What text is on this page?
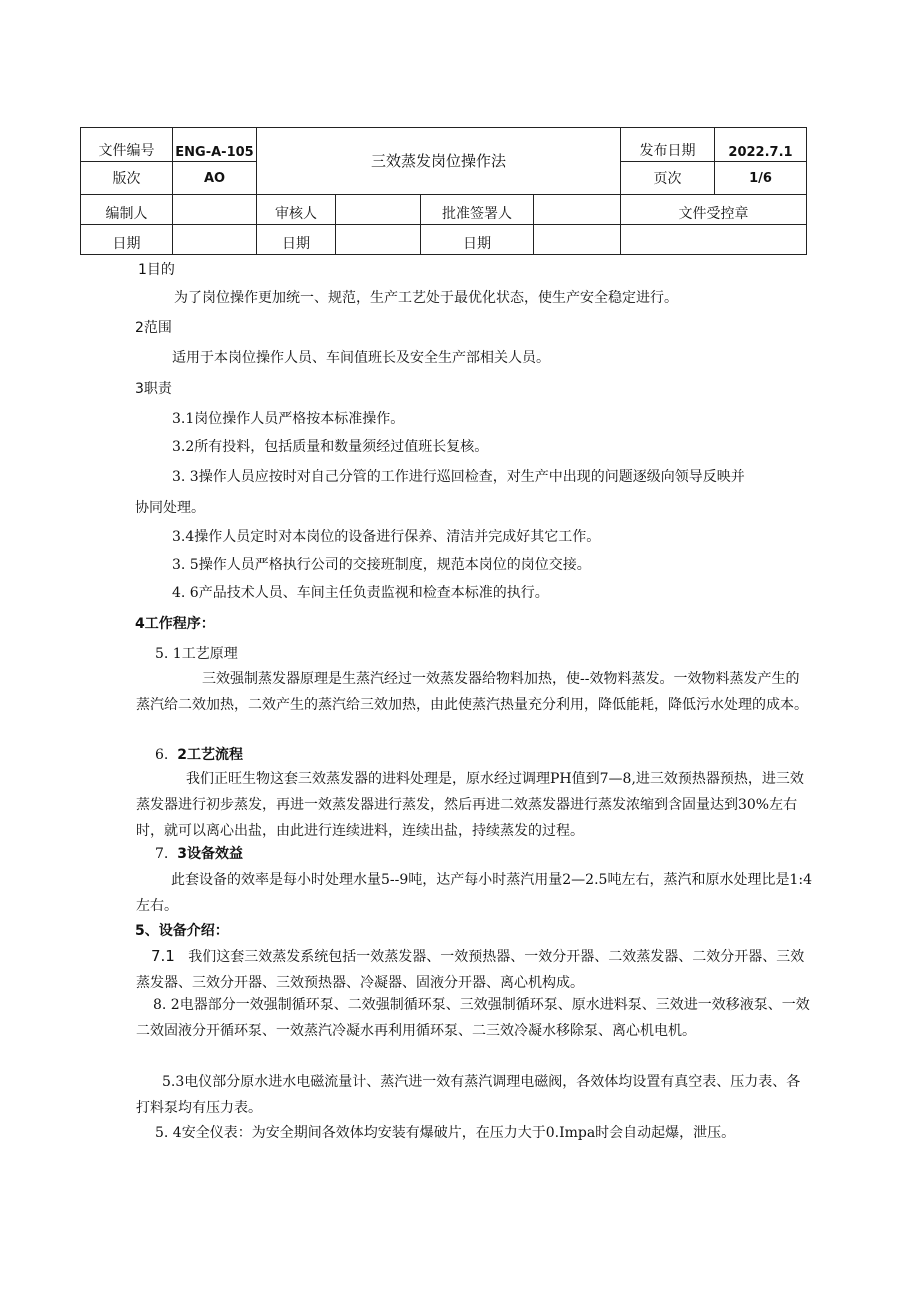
文件编号	ENG-A-105	三效蒸发岗位操作法				发布日期	2022.7.1
版次	AO					页次	1/6
编制人		审核人		批准签署人		文件受控章	
日期		日期		日期			

1目的

为了岗位操作更加统一、规范，生产工艺处于最优化状态，使生产安全稳定进行。

2范围

适用于本岗位操作人员、车间值班长及安全生产部相关人员。

3职责

3.1岗位操作人员严格按本标准操作。

3.2所有投料，包括质量和数量须经过值班长复核。

3. 3操作人员应按时对自己分管的工作进行巡回检查，对生产中出现的问题逐级向领导反映并

协同处理。

3.4操作人员定时对本岗位的设备进行保养、清洁并完成好其它工作。

3. 5操作人员严格执行公司的交接班制度，规范本岗位的岗位交接。

4. 6产品技术人员、车间主任负责监视和检查本标准的执行。

4工作程序：

5. 1工艺原理

三效强制蒸发器原理是生蒸汽经过一效蒸发器给物料加热，使--效物料蒸发。一效物料蒸发产生的蒸汽给二效加热，二效产生的蒸汽给三效加热，由此使蒸汽热量充分利用，降低能耗，降低污水处理的成本。

6. 2工艺流程

我们正旺生物这套三效蒸发器的进料处理是，原水经过调理PH值到7—8,进三效预热器预热，进三效蒸发器进行初步蒸发，再进一效蒸发器进行蒸发，然后再进二效蒸发器进行蒸发浓缩到含固量达到30%左右时，就可以离心出盐，由此进行连续进料，连续出盐，持续蒸发的过程。

7. 3设备效益

此套设备的效率是每小时处理水量5--9吨，达产每小时蒸汽用量2—2.5吨左右，蒸汽和原水处理比是1:4左右。

5、设备介绍：

7.1 我们这套三效蒸发系统包括一效蒸发器、一效预热器、一效分开器、二效蒸发器、二效分开器、三效蒸发器、三效分开器、三效预热器、冷凝器、固液分开器、离心机构成。

8. 2电器部分一效强制循环泵、二效强制循环泵、三效强制循环泵、原水进料泵、三效进一效移液泵、一效二效固液分开循环泵、一效蒸汽冷凝水再利用循环泵、二三效冷凝水移除泵、离心机电机。

5.3电仪部分原水进水电磁流量计、蒸汽进一效有蒸汽调理电磁阀，各效体均设置有真空表、压力表、各打料泵均有压力表。

5. 4安全仪表：为安全期间各效体均安装有爆破片，在压力大于0.Impa时会自动起爆，泄压。
